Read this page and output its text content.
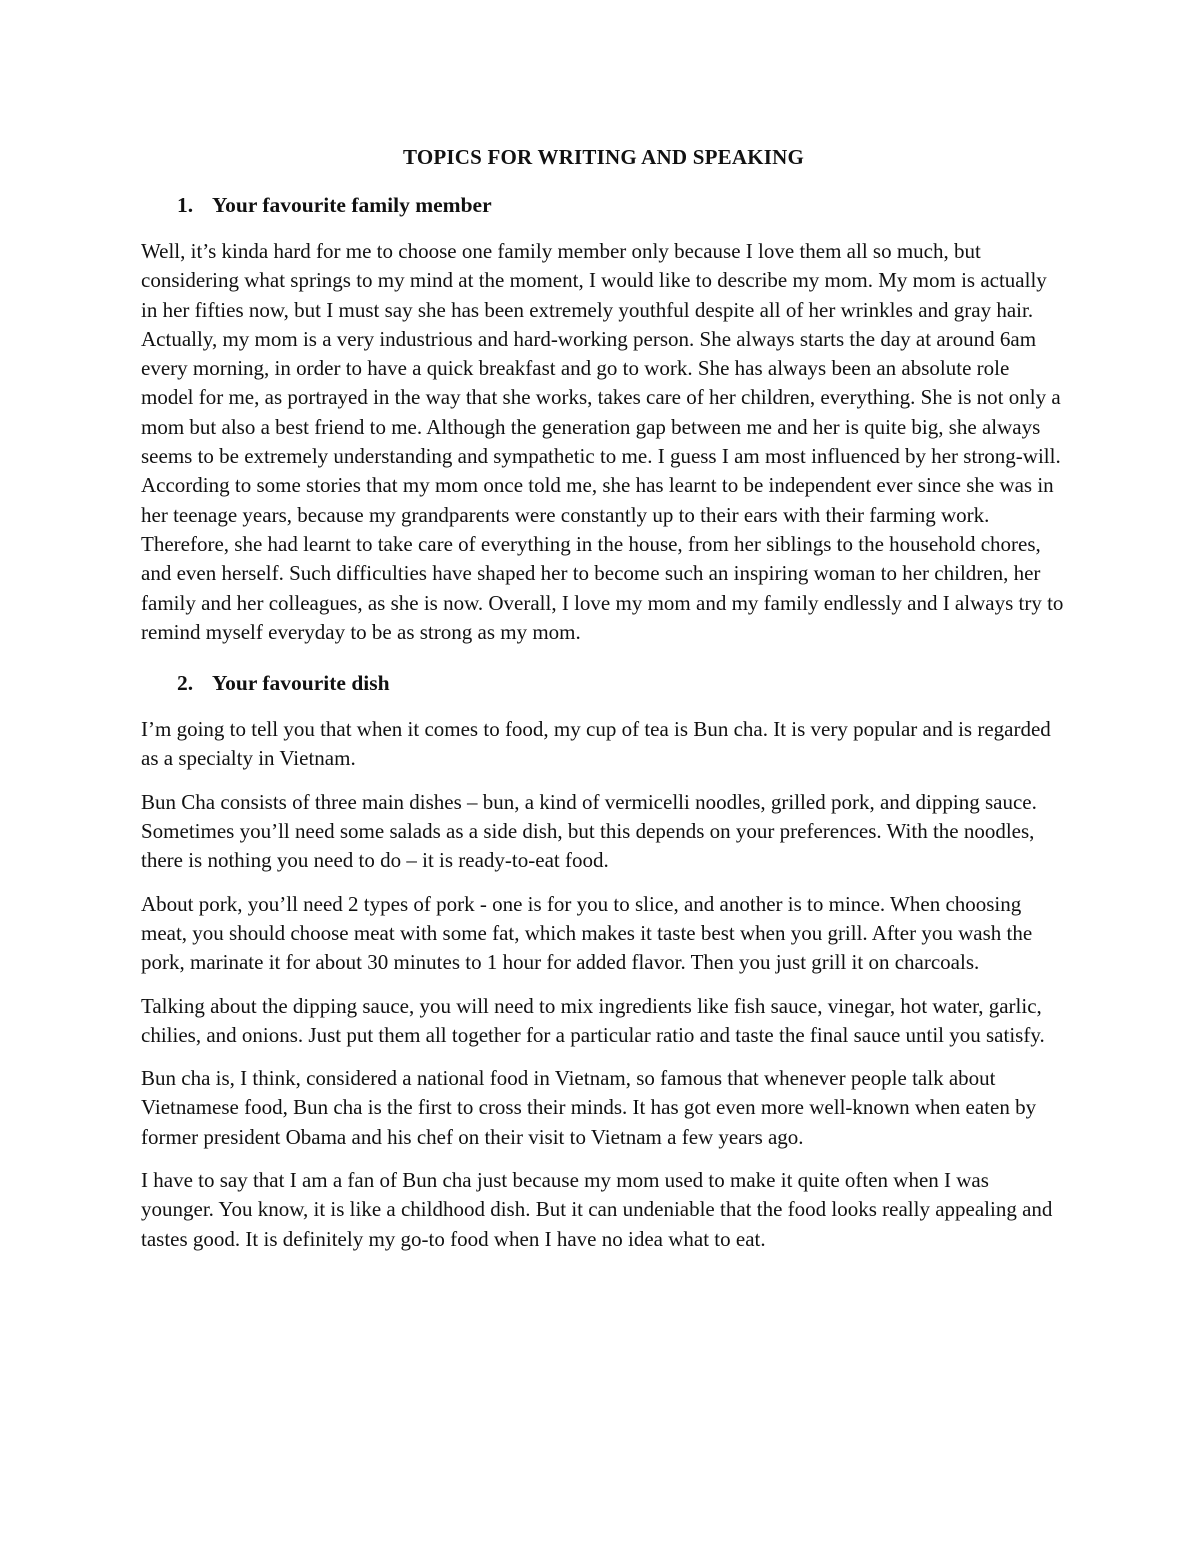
TOPICS FOR WRITING AND SPEAKING
1. Your favourite family member

Well, it’s kinda hard for me to choose one family member only because I love them all so much, but considering what springs to my mind at the moment, I would like to describe my mom. My mom is actually in her fifties now, but I must say she has been extremely youthful despite all of her wrinkles and gray hair. Actually, my mom is a very industrious and hard-working person. She always starts the day at around 6am every morning, in order to have a quick breakfast and go to work. She has always been an absolute role model for me, as portrayed in the way that she works, takes care of her children, everything. She is not only a mom but also a best friend to me. Although the generation gap between me and her is quite big, she always seems to be extremely understanding and sympathetic to me. I guess I am most influenced by her strong-will. According to some stories that my mom once told me, she has learnt to be independent ever since she was in her teenage years, because my grandparents were constantly up to their ears with their farming work. Therefore, she had learnt to take care of everything in the house, from her siblings to the household chores, and even herself. Such difficulties have shaped her to become such an inspiring woman to her children, her family and her colleagues, as she is now. Overall, I love my mom and my family endlessly and I always try to remind myself everyday to be as strong as my mom.

2. Your favourite dish

I’m going to tell you that when it comes to food, my cup of tea is Bun cha. It is very popular and is regarded as a specialty in Vietnam.

Bun Cha consists of three main dishes – bun, a kind of vermicelli noodles, grilled pork, and dipping sauce. Sometimes you’ll need some salads as a side dish, but this depends on your preferences. With the noodles, there is nothing you need to do – it is ready-to-eat food.

About pork, you’ll need 2 types of pork - one is for you to slice, and another is to mince. When choosing meat, you should choose meat with some fat, which makes it taste best when you grill. After you wash the pork, marinate it for about 30 minutes to 1 hour for added flavor. Then you just grill it on charcoals.

Talking about the dipping sauce, you will need to mix ingredients like fish sauce, vinegar, hot water, garlic, chilies, and onions. Just put them all together for a particular ratio and taste the final sauce until you satisfy.

Bun cha is, I think, considered a national food in Vietnam, so famous that whenever people talk about Vietnamese food, Bun cha is the first to cross their minds. It has got even more well-known when eaten by former president Obama and his chef on their visit to Vietnam a few years ago.

I have to say that I am a fan of Bun cha just because my mom used to make it quite often when I was younger. You know, it is like a childhood dish. But it can undeniable that the food looks really appealing and tastes good. It is definitely my go-to food when I have no idea what to eat.
